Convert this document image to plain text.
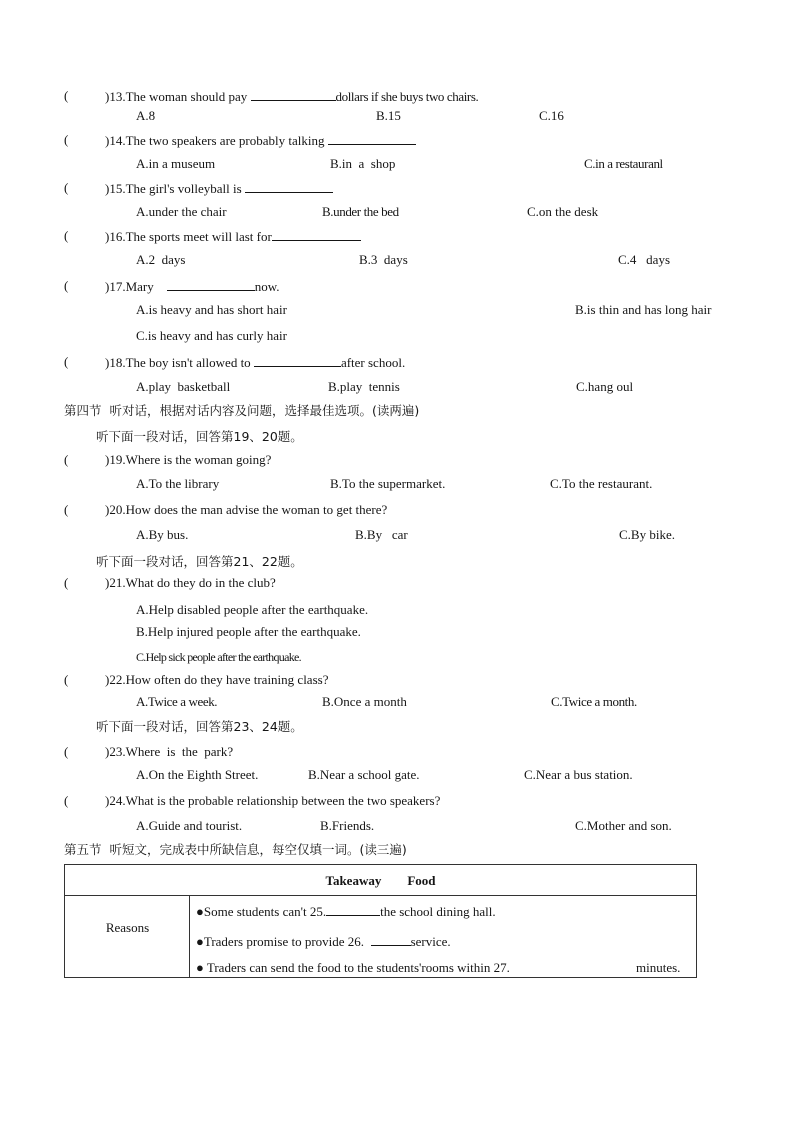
(	)13.The woman should pay	dollars if she buys two chairs.
A.8	B.15	C.16
(	)14.The two speakers are probably talking
A.in a museum	B.in  a  shop	C.in a restauranl
(	)15.The girl's volleyball is
A.under the chair	B.under the bed	C.on the desk
(	)16.The sports meet will last for
A.2  days	B.3  days	C.4   days
(	)17.Mary	now.
A.is heavy and has short hair	B.is thin and has long hair
C.is heavy and has curly hair
(	)18.The boy isn't allowed to	after school.
A.play  basketball	B.play  tennis	C.hang oul
第四节  听对话，根据对话内容及问题，选择最佳选项。(读两遍)
听下面一段对话，回答第19、20题。
(	)19.Where is the woman going?
A.To the library	B.To the supermarket.	C.To the restaurant.
(	)20.How does the man advise the woman to get there?
A.By bus.	B.By   car	C.By bike.
听下面一段对话，回答第21、22题。
(	)21.What do they do in the club?
A.Help disabled people after the earthquake.
B.Help injured people after the earthquake.
C.Help sick people after the earthquake.
(	)22.How often do they have training class?
A.Twice a week.	B.Once a month	C.Twice a month.
听下面一段对话，回答第23、24题。
(	)23.Where  is  the  park?
A.On the Eighth Street.	B.Near a school gate.	C.Near a bus station.
(	)24.What is the probable relationship between the two speakers?
A.Guide and tourist.	B.Friends.	C.Mother and son.
第五节  听短文，完成表中所缺信息，每空仅填一词。(读三遍)
Takeaway        Food
Reasons
●Some students can't 25.	the school dining hall.
●Traders promise to provide 26.	service.
● Traders can send the food to the students'rooms within 27.	minutes.
